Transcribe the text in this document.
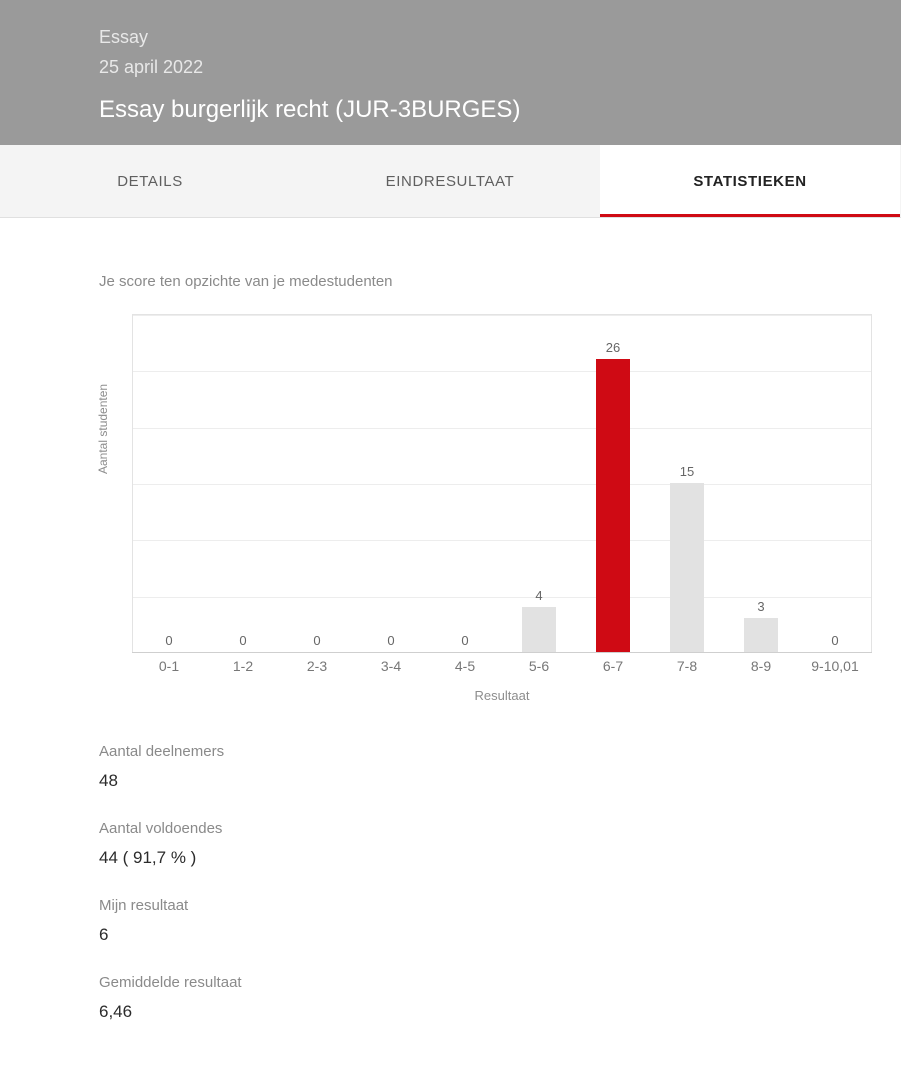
Essay
25 april 2022
Essay burgerlijk recht (JUR-3BURGES)
DETAILS	EINDRESULTAAT	STATISTIEKEN
Je score ten opzichte van je medestudenten
Aantal studenten
0	0	0	0	0
4
26
15
3
0
0-1	1-2	2-3	3-4	4-5	5-6	6-7	7-8	8-9	9-10,01
Resultaat
Aantal deelnemers
48
Aantal voldoendes
44 ( 91,7 % )
Mijn resultaat
6
Gemiddelde resultaat
6,46
